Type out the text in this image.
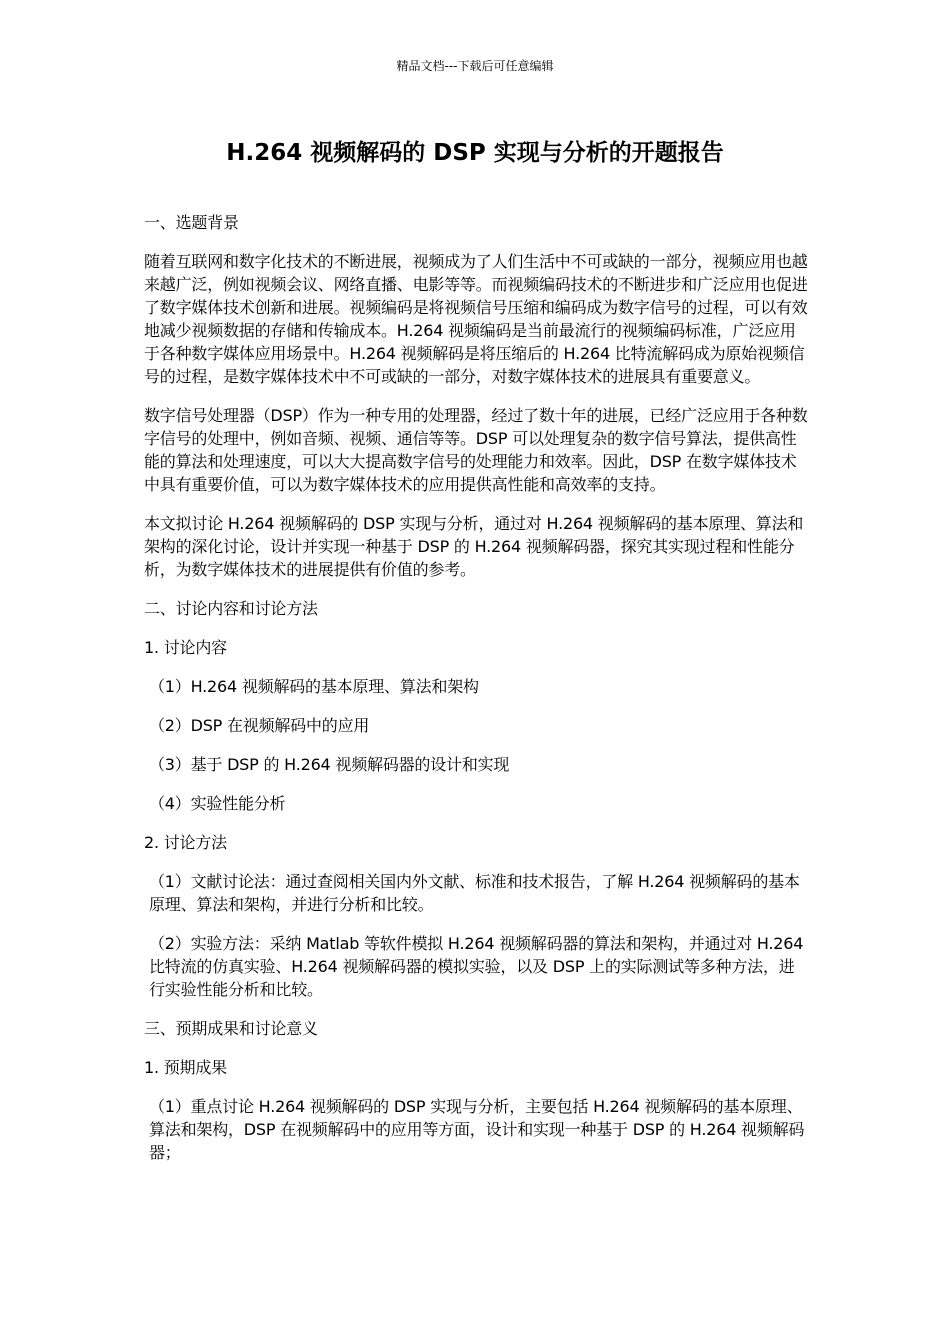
精品文档---下载后可任意编辑
H.264 视频解码的 DSP 实现与分析的开题报告

一、选题背景

随着互联网和数字化技术的不断进展，视频成为了人们生活中不可或缺的一部分，视频应用也越来越广泛，例如视频会议、网络直播、电影等等。而视频编码技术的不断进步和广泛应用也促进了数字媒体技术创新和进展。视频编码是将视频信号压缩和编码成为数字信号的过程，可以有效地减少视频数据的存储和传输成本。H.264 视频编码是当前最流行的视频编码标准，广泛应用于各种数字媒体应用场景中。H.264 视频解码是将压缩后的 H.264 比特流解码成为原始视频信号的过程，是数字媒体技术中不可或缺的一部分，对数字媒体技术的进展具有重要意义。

数字信号处理器（DSP）作为一种专用的处理器，经过了数十年的进展，已经广泛应用于各种数字信号的处理中，例如音频、视频、通信等等。DSP 可以处理复杂的数字信号算法，提供高性能的算法和处理速度，可以大大提高数字信号的处理能力和效率。因此，DSP 在数字媒体技术中具有重要价值，可以为数字媒体技术的应用提供高性能和高效率的支持。

本文拟讨论 H.264 视频解码的 DSP 实现与分析，通过对 H.264 视频解码的基本原理、算法和架构的深化讨论，设计并实现一种基于 DSP 的 H.264 视频解码器，探究其实现过程和性能分析，为数字媒体技术的进展提供有价值的参考。

二、讨论内容和讨论方法

1. 讨论内容

（1）H.264 视频解码的基本原理、算法和架构

（2）DSP 在视频解码中的应用

（3）基于 DSP 的 H.264 视频解码器的设计和实现

（4）实验性能分析

2. 讨论方法

（1）文献讨论法：通过查阅相关国内外文献、标准和技术报告，了解 H.264 视频解码的基本原理、算法和架构，并进行分析和比较。

（2）实验方法：采纳 Matlab 等软件模拟 H.264 视频解码器的算法和架构，并通过对 H.264 比特流的仿真实验、H.264 视频解码器的模拟实验，以及 DSP 上的实际测试等多种方法，进行实验性能分析和比较。

三、预期成果和讨论意义

1. 预期成果

（1）重点讨论 H.264 视频解码的 DSP 实现与分析，主要包括 H.264 视频解码的基本原理、算法和架构，DSP 在视频解码中的应用等方面，设计和实现一种基于 DSP 的 H.264 视频解码器；
